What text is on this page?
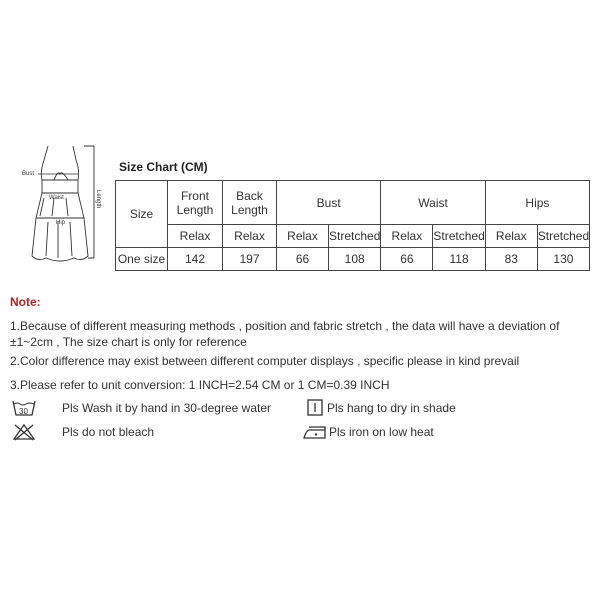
Bust
Waist
Hip
Length
Size Chart (CM)
Size	Front Length	Back Length	Bust		Waist		Hips	
	Relax	Relax	Relax	Stretched	Relax	Stretched	Relax	Stretched
One size	142	197	66	108	66	118	83	130
Note:
1.Because of different measuring methods , position and fabric stretch , the data will have a deviation of ±1~2cm , The size chart is only for reference
2.Color difference may exist between different computer displays , specific please in kind prevail
3.Please refer to unit conversion: 1 INCH=2.54 CM or 1 CM=0.39 INCH
30	Pls Wash it by hand in 30-degree water
Pls do not bleach
Pls hang to dry in shade
Pls iron on low heat
